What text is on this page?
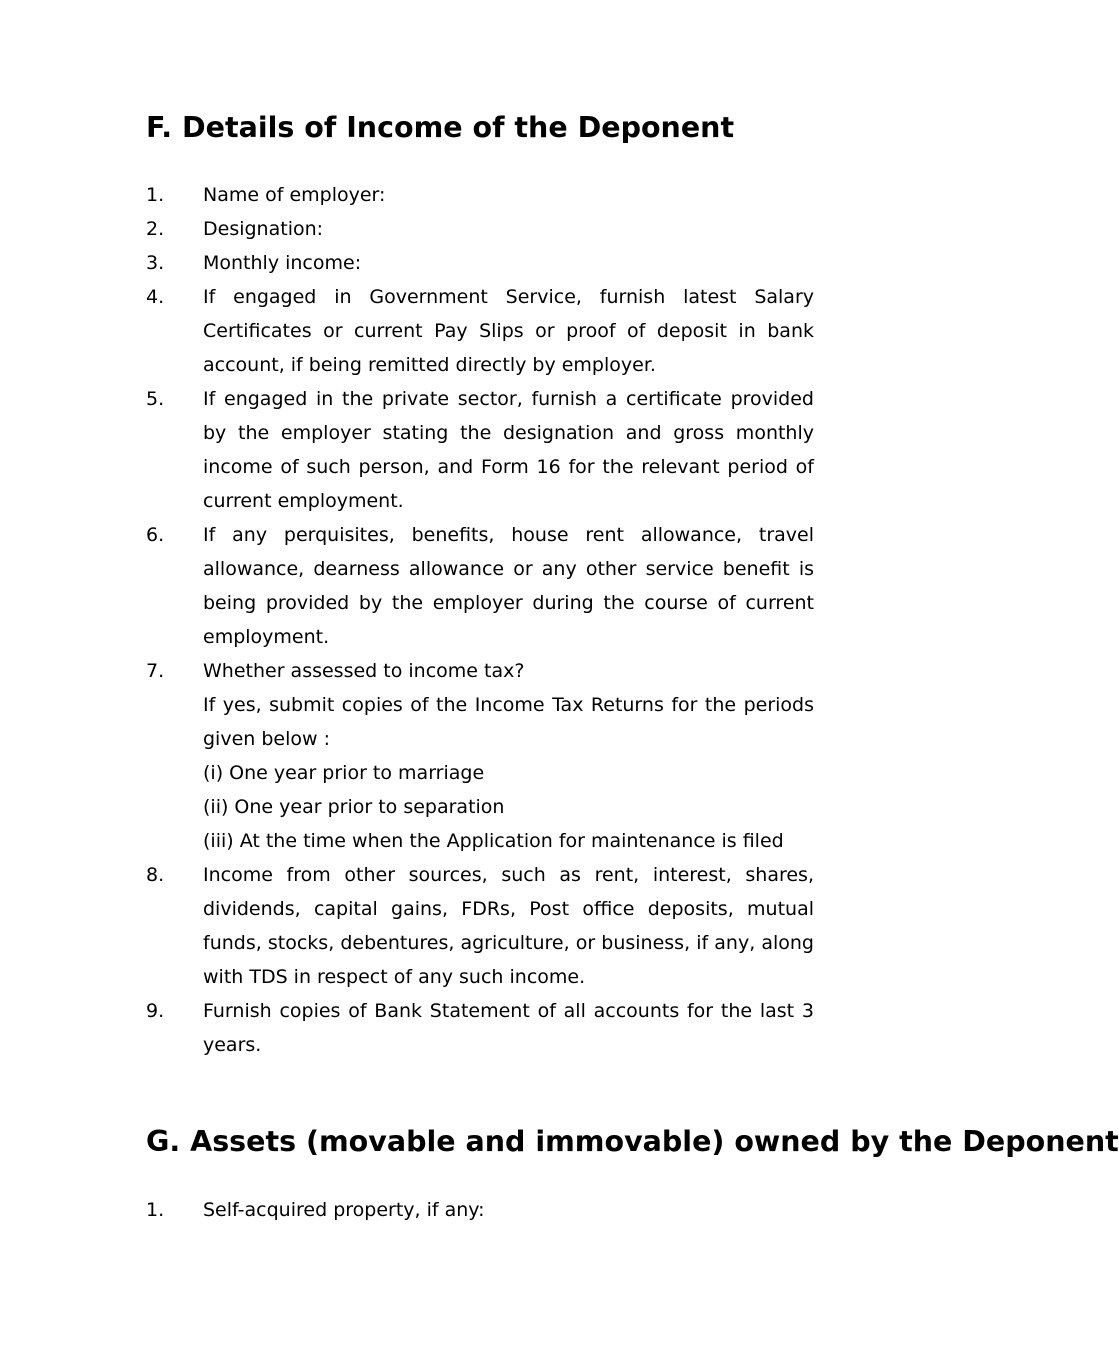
F. Details of Income of the Deponent
1.	Name of employer:

2.	Designation:

3.	Monthly income:

4.	If engaged in Government Service, furnish latest Salary Certificates or current Pay Slips or proof of deposit in bank account, if being remitted directly by employer.

5.	If engaged in the private sector, furnish a certificate provided by the employer stating the designation and gross monthly income of such person, and Form 16 for the relevant period of current employment.

6.	If any perquisites, benefits, house rent allowance, travel allowance, dearness allowance or any other service benefit is being provided by the employer during the course of current employment.

7.	Whether assessed to income tax?

If yes, submit copies of the Income Tax Returns for the periods given below :

(i) One year prior to marriage

(ii) One year prior to separation

(iii) At the time when the Application for maintenance is filed

8.	Income from other sources, such as rent, interest, shares, dividends, capital gains, FDRs, Post office deposits, mutual funds, stocks, debentures, agriculture, or business, if any, along with TDS in respect of any such income.

9.	Furnish copies of Bank Statement of all accounts for the last 3 years.

G. Assets (movable and immovable) owned by the Deponent
1.	Self-acquired property, if any:
